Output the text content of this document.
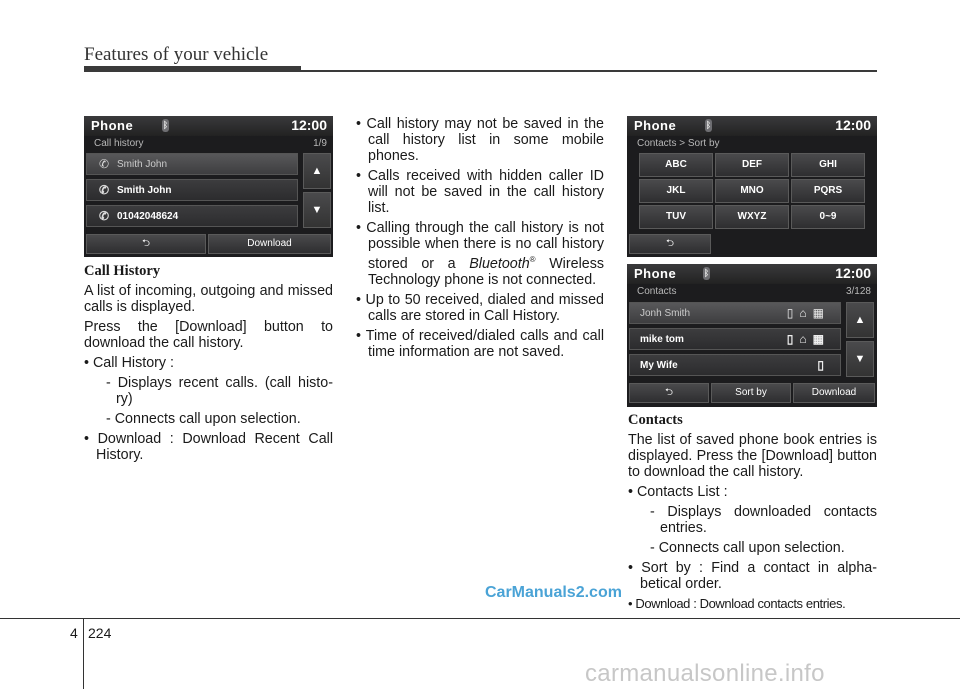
Features of your vehicle
Phone	ᛒ	12:00
Call history	1/9
✆ Smith John
✆ Smith John
✆ 01042048624
▲
▼
⮌	Download
Phone	ᛒ	12:00
Contacts > Sort by
ABC	DEF	GHI
JKL	MNO	PQRS
TUV	WXYZ	0~9
⮌
Phone	ᛒ	12:00
Contacts	3/128
Jonh Smith	▯⌂▦
mike tom	▯⌂▦
My Wife	▯
▲
▼
⮌	Sort by	Download
Call History
A list of incoming, outgoing and missed calls is displayed.
Press the [Download] button to download the call history.
• Call History :
- Displays recent calls. (call histo-ry)
- Connects call upon selection.
• Download : Download Recent Call History.
• Call history may not be saved in the call history list in some mobile phones.
• Calls received with hidden caller ID will not be saved in the call history list.
• Calling through the call history is not possible when there is no call history stored or a Bluetooth® Wireless Technology phone is not connected.
• Up to 50 received, dialed and missed calls are stored in Call History.
• Time of received/dialed calls and call time information are not saved.
Contacts
The list of saved phone book entries is displayed. Press the [Download] button to download the call history.
• Contacts List :
- Displays downloaded contacts entries.
- Connects call upon selection.
• Sort by : Find a contact in alpha-betical order.
• Download : Download contacts entries.
CarManuals2.com
4 224
carmanualsonline.info
